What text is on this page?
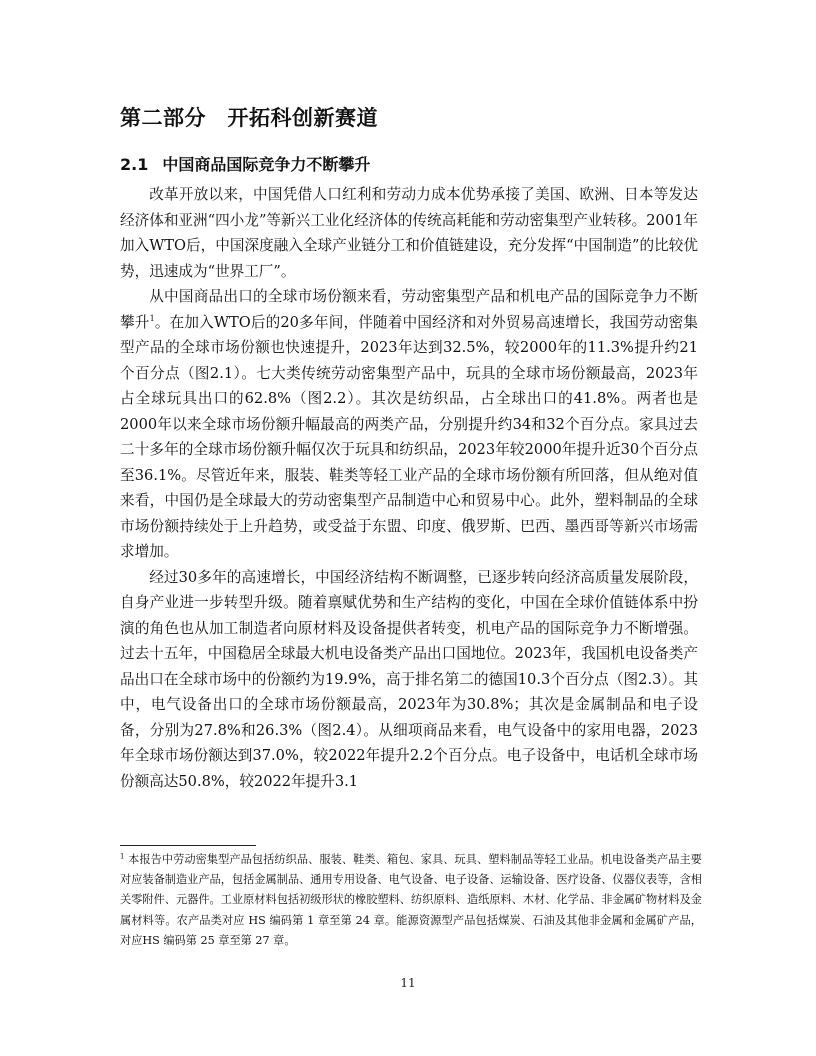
第二部分　开拓科创新赛道
2.1 中国商品国际竞争力不断攀升

改革开放以来，中国凭借人口红利和劳动力成本优势承接了美国、欧洲、日本等发达经济体和亚洲“四小龙”等新兴工业化经济体的传统高耗能和劳动密集型产业转移。2001年加入WTO后，中国深度融入全球产业链分工和价值链建设，充分发挥“中国制造”的比较优势，迅速成为“世界工厂”。

从中国商品出口的全球市场份额来看，劳动密集型产品和机电产品的国际竞争力不断攀升$^1$。在加入WTO后的20多年间，伴随着中国经济和对外贸易高速增长，我国劳动密集型产品的全球市场份额也快速提升，2023年达到32.5%，较2000年的11.3%提升约21个百分点（图2.1）。七大类传统劳动密集型产品中，玩具的全球市场份额最高，2023年占全球玩具出口的62.8%（图2.2）。其次是纺织品，占全球出口的41.8%。两者也是2000年以来全球市场份额升幅最高的两类产品，分别提升约34和32个百分点。家具过去二十多年的全球市场份额升幅仅次于玩具和纺织品，2023年较2000年提升近30个百分点至36.1%。尽管近年来，服装、鞋类等轻工业产品的全球市场份额有所回落，但从绝对值来看，中国仍是全球最大的劳动密集型产品制造中心和贸易中心。此外，塑料制品的全球市场份额持续处于上升趋势，或受益于东盟、印度、俄罗斯、巴西、墨西哥等新兴市场需求增加。

经过30多年的高速增长，中国经济结构不断调整，已逐步转向经济高质量发展阶段，自身产业进一步转型升级。随着禀赋优势和生产结构的变化，中国在全球价值链体系中扮演的角色也从加工制造者向原材料及设备提供者转变，机电产品的国际竞争力不断增强。过去十五年，中国稳居全球最大机电设备类产品出口国地位。2023年，我国机电设备类产品出口在全球市场中的份额约为19.9%，高于排名第二的德国10.3个百分点（图2.3）。其中，电气设备出口的全球市场份额最高，2023年为30.8%；其次是金属制品和电子设备，分别为27.8%和26.3%（图2.4）。从细项商品来看，电气设备中的家用电器，2023年全球市场份额达到37.0%，较2022年提升2.2个百分点。电子设备中，电话机全球市场份额高达50.8%，较2022年提升3.1

$^1$ 本报告中劳动密集型产品包括纺织品、服装、鞋类、箱包、家具、玩具、塑料制品等轻工业品。机电设备类产品主要对应装备制造业产品，包括金属制品、通用专用设备、电气设备、电子设备、运输设备、医疗设备、仪器仪表等，含相关零附件、元器件。工业原材料包括初级形状的橡胶塑料、纺织原料、造纸原料、木材、化学品、非金属矿物材料及金属材料等。农产品类对应 HS 编码第 1 章至第 24 章。能源资源型产品包括煤炭、石油及其他非金属和金属矿产品，对应HS 编码第 25 章至第 27 章。
11
